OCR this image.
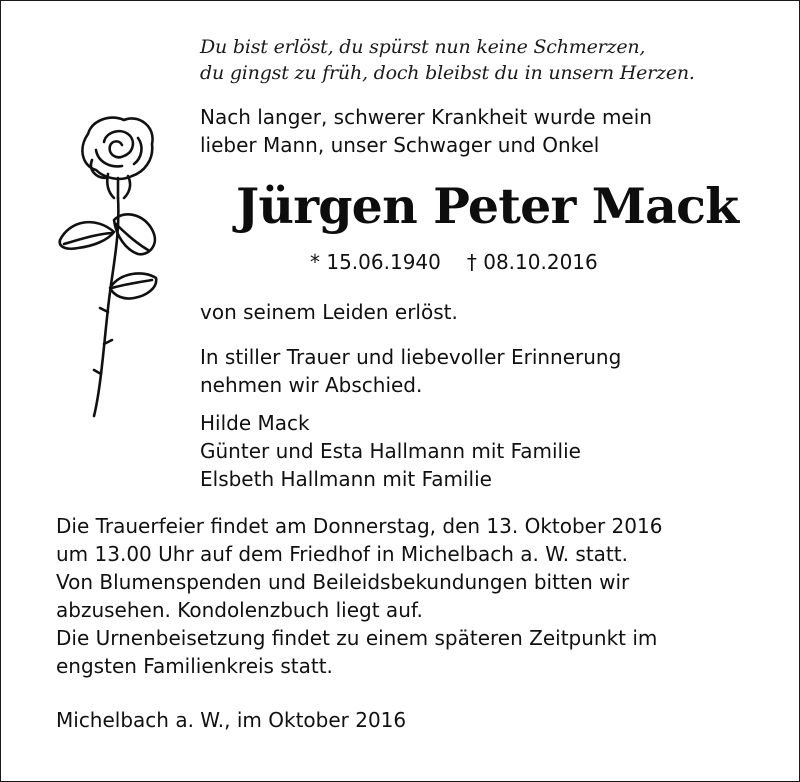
Du bist erlöst, du spürst nun keine Schmerzen,
du gingst zu früh, doch bleibst du in unsern Herzen.
Nach langer, schwerer Krankheit wurde mein
lieber Mann, unser Schwager und Onkel
Jürgen Peter Mack
* 15.06.1940 † 08.10.2016
von seinem Leiden erlöst.
In stiller Trauer und liebevoller Erinnerung
nehmen wir Abschied.
Hilde Mack
Günter und Esta Hallmann mit Familie
Elsbeth Hallmann mit Familie
Die Trauerfeier findet am Donnerstag, den 13. Oktober 2016
um 13.00 Uhr auf dem Friedhof in Michelbach a. W. statt.
Von Blumenspenden und Beileidsbekundungen bitten wir
abzusehen. Kondolenzbuch liegt auf.
Die Urnenbeisetzung findet zu einem späteren Zeitpunkt im
engsten Familienkreis statt.
Michelbach a. W., im Oktober 2016
